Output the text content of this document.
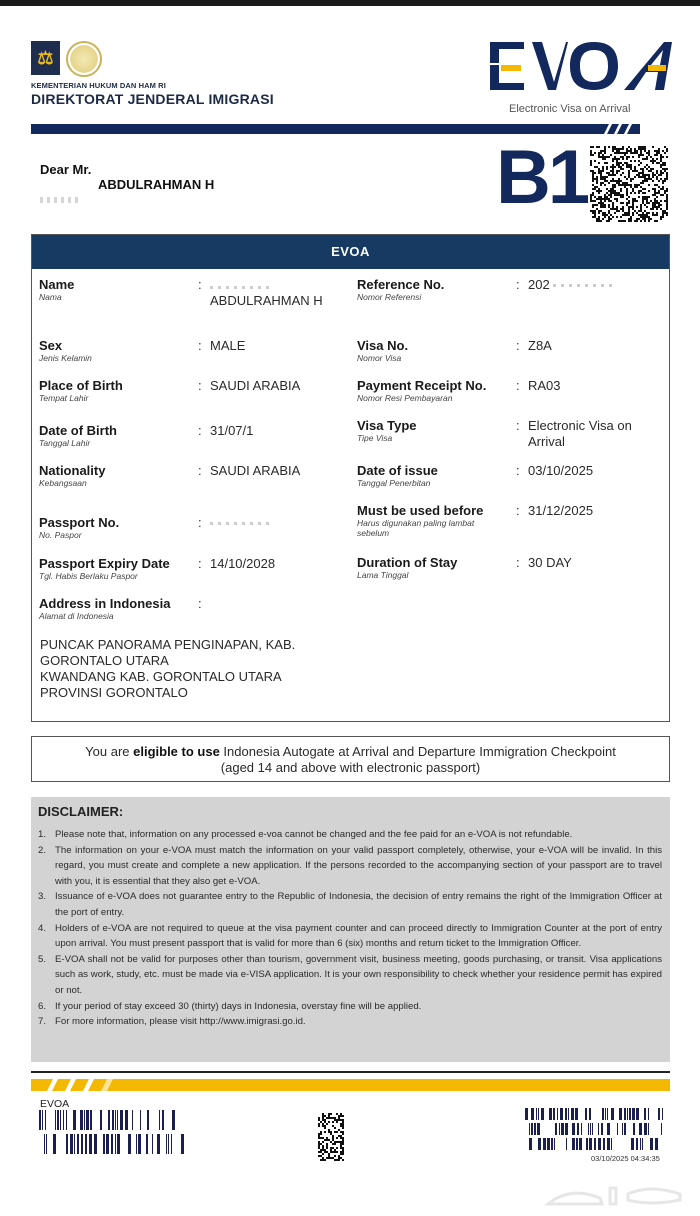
⚖
KEMENTERIAN HUKUM DAN HAM RI
DIREKTORAT JENDERAL IMIGRASI
Electronic Visa on Arrival
Dear Mr.
ABDULRAHMAN H	B1
EVOA
Name
Nama
:
ABDULRAHMAN H
Sex
Jenis Kelamin
: MALE
Place of Birth
Tempat Lahir
: SAUDI ARABIA
Date of Birth
Tanggal Lahir
: 31/07/1
Nationality
Kebangsaan
: SAUDI ARABIA
Passport No.
No. Paspor
:
Passport Expiry Date
Tgl. Habis Berlaku Paspor
: 14/10/2028
Address in Indonesia
Alamat di Indonesia
:
PUNCAK PANORAMA PENGINAPAN, KAB.
GORONTALO UTARA
KWANDANG KAB. GORONTALO UTARA
PROVINSI GORONTALO
Reference No.
Nomor Referensi
: 202
Visa No.
Nomor Visa
: Z8A
Payment Receipt No.
Nomor Resi Pembayaran
: RA03
Visa Type
Tipe Visa
: Electronic Visa on Arrival
Date of issue
Tanggal Penerbitan
: 03/10/2025
Must be used before
Harus digunakan paling lambat sebelum
: 31/12/2025
Duration of Stay
Lama Tinggal
: 30 DAY
You are eligible to use Indonesia Autogate at Arrival and Departure Immigration Checkpoint
(aged 14 and above with electronic passport)
DISCLAIMER:
1. Please note that, information on any processed e-voa cannot be changed and the fee paid for an e-VOA is not refundable.
2. The information on your e-VOA must match the information on your valid passport completely, otherwise, your e-VOA will be invalid. In this regard, you must create and complete a new application. If the persons recorded to the accompanying section of your passport are to travel with you, it is essential that they also get e-VOA.
3. Issuance of e-VOA does not guarantee entry to the Republic of Indonesia, the decision of entry remains the right of the Immigration Officer at the port of entry.
4. Holders of e-VOA are not required to queue at the visa payment counter and can proceed directly to Immigration Counter at the port of entry upon arrival. You must present passport that is valid for more than 6 (six) months and return ticket to the Immigration Officer.
5. E-VOA shall not be valid for purposes other than tourism, government visit, business meeting, goods purchasing, or transit. Visa applications such as work, study, etc. must be made via e-VISA application. It is your own responsibility to check whether your residence permit has expired or not.
6. If your period of stay exceed 30 (thirty) days in Indonesia, overstay fine will be applied.
7. For more information, please visit http://www.imigrasi.go.id.
EVOA
03/10/2025 04:34:35
